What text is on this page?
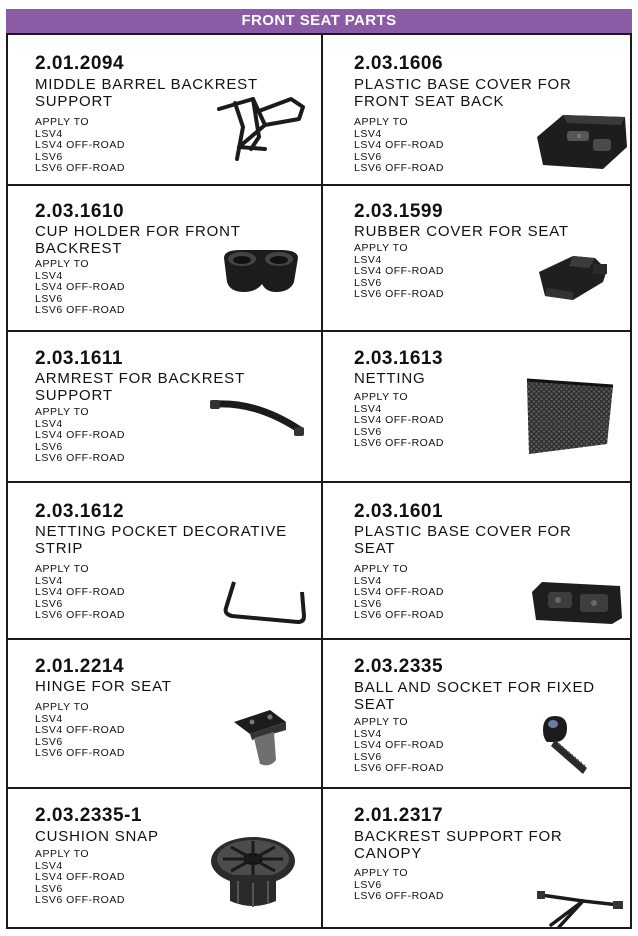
FRONT SEAT PARTS
2.01.2094
MIDDLE BARREL BACKREST
SUPPORT
APPLY TO
LSV4
LSV4 OFF-ROAD
LSV6
LSV6 OFF-ROAD
2.03.1606
PLASTIC BASE COVER FOR
FRONT SEAT BACK
APPLY TO
LSV4
LSV4 OFF-ROAD
LSV6
LSV6 OFF-ROAD
2.03.1610
CUP HOLDER FOR FRONT
BACKREST
APPLY TO
LSV4
LSV4 OFF-ROAD
LSV6
LSV6 OFF-ROAD
2.03.1599
RUBBER COVER FOR SEAT
APPLY TO
LSV4
LSV4 OFF-ROAD
LSV6
LSV6 OFF-ROAD
2.03.1611
ARMREST FOR BACKREST
SUPPORT
APPLY TO
LSV4
LSV4 OFF-ROAD
LSV6
LSV6 OFF-ROAD
2.03.1613
NETTING
APPLY TO
LSV4
LSV4 OFF-ROAD
LSV6
LSV6 OFF-ROAD
2.03.1612
NETTING POCKET DECORATIVE
STRIP
APPLY TO
LSV4
LSV4 OFF-ROAD
LSV6
LSV6 OFF-ROAD
2.03.1601
PLASTIC BASE COVER FOR
SEAT
APPLY TO
LSV4
LSV4 OFF-ROAD
LSV6
LSV6 OFF-ROAD
2.01.2214
HINGE FOR SEAT
APPLY TO
LSV4
LSV4 OFF-ROAD
LSV6
LSV6 OFF-ROAD
2.03.2335
BALL AND SOCKET FOR FIXED
SEAT
APPLY TO
LSV4
LSV4 OFF-ROAD
LSV6
LSV6 OFF-ROAD
2.03.2335-1
CUSHION SNAP
APPLY TO
LSV4
LSV4 OFF-ROAD
LSV6
LSV6 OFF-ROAD
2.01.2317
BACKREST SUPPORT FOR
CANOPY
APPLY TO
LSV6
LSV6 OFF-ROAD
